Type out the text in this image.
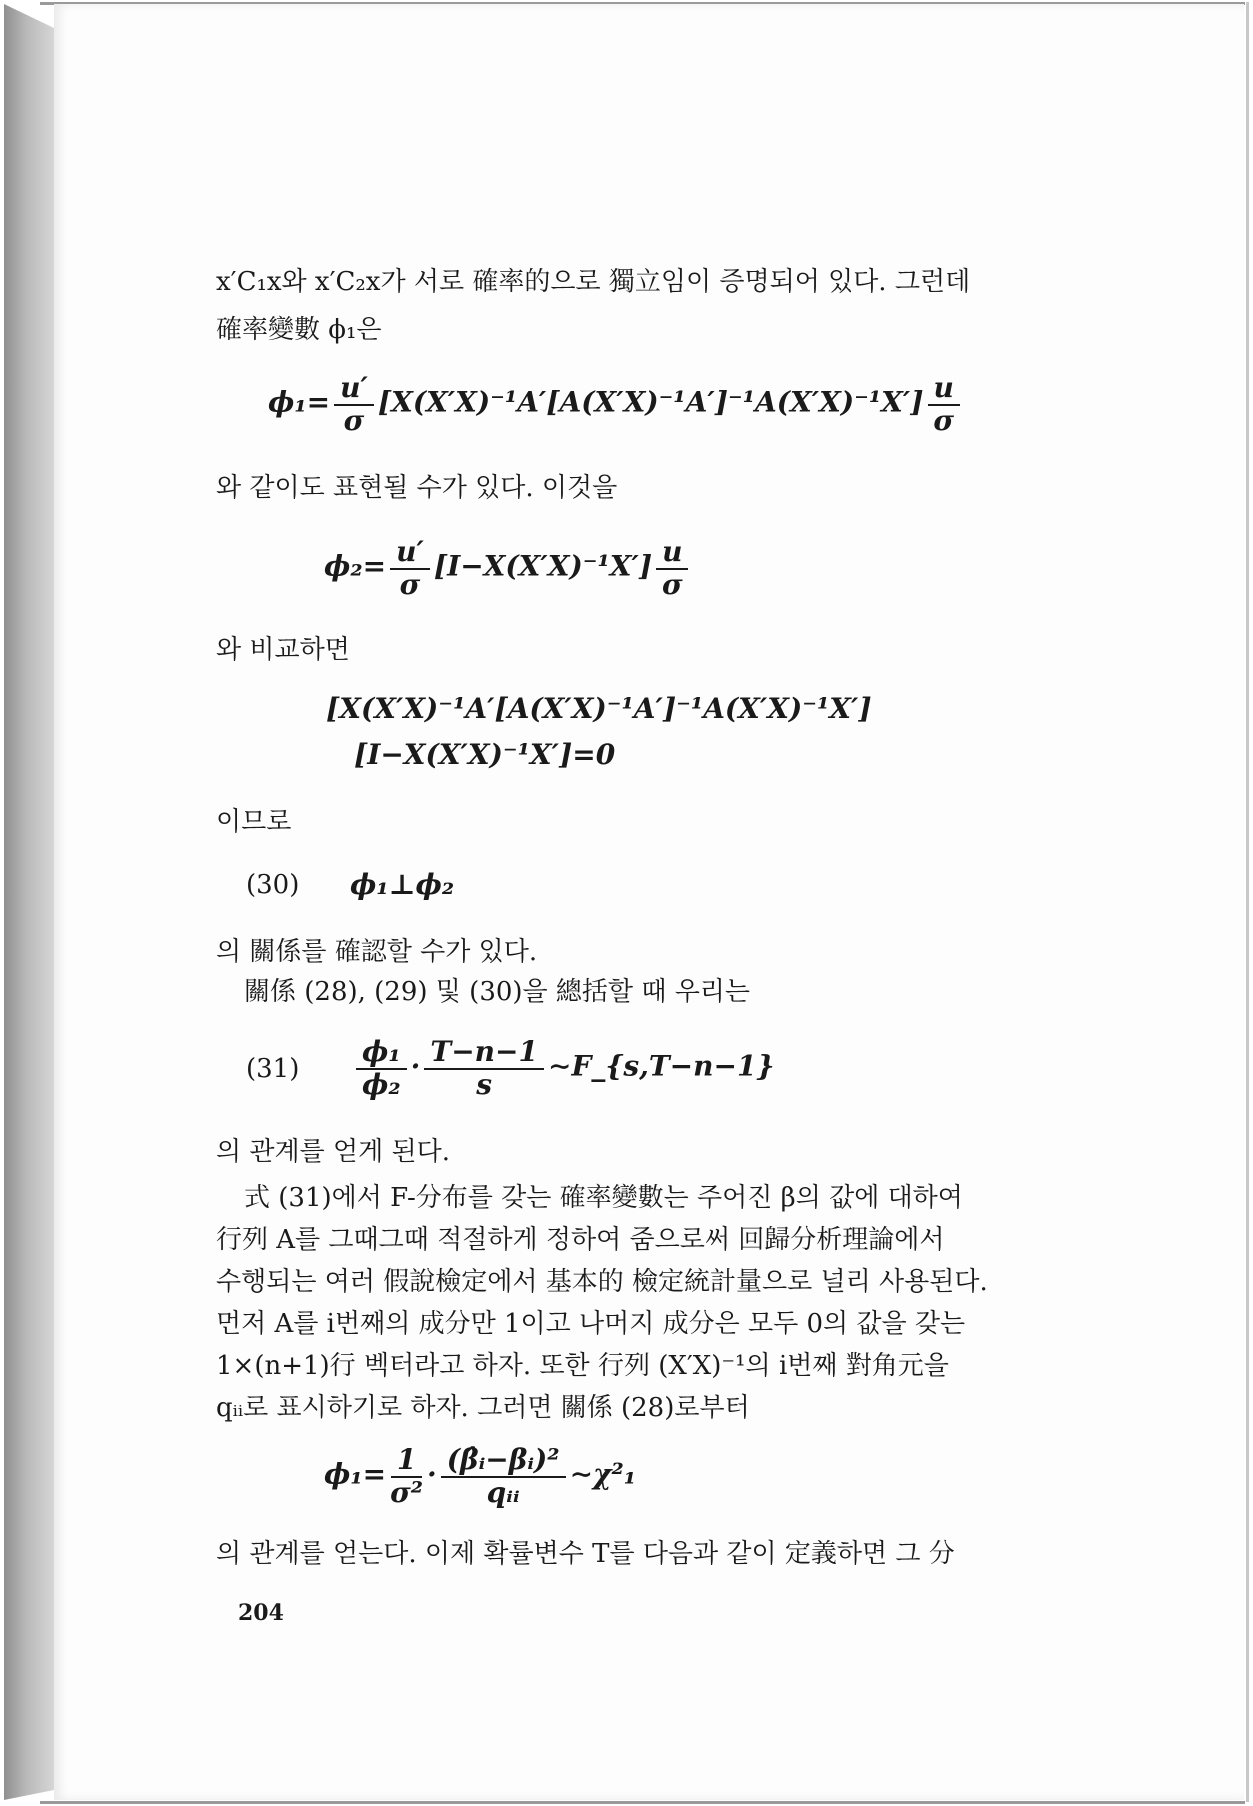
x′C₁x와 x′C₂x가 서로 確率的으로 獨立임이 증명되어 있다. 그런데
確率變數 ϕ₁은
$\phi_1= \frac{u'}{\sigma} [X(X'X)^{-1}A'[A(X'X)^{-1}A']^{-1}A(X'X)^{-1}X'] \frac{u}{\sigma}$
와 같이도 표현될 수가 있다. 이것을
$\phi_2= \frac{u'}{\sigma} [I-X(X'X)^{-1}X'] \frac{u}{\sigma}$
와 비교하면
[X(X′X)⁻¹A′[A(X′X)⁻¹A′]⁻¹A(X′X)⁻¹X′]
[I−X(X′X)⁻¹X′]=0
이므로
(30) ϕ₁⊥ϕ₂
의 關係를 確認할 수가 있다.
關係 (28), (29) 및 (30)을 總括할 때 우리는
$(31) \frac{\text{ϕ₁}}{\text{ϕ₂}} \cdot \frac{T-n-1}{s}$ ∼F_{s,T−n−1}
의 관계를 얻게 된다.
式 (31)에서 F-分布를 갖는 確率變數는 주어진 β의 값에 대하여
行列 A를 그때그때 적절하게 정하여 줌으로써 回歸分析理論에서
수행되는 여러 假說檢定에서 基本的 檢定統計量으로 널리 사용된다.
먼저 A를 i번째의 成分만 1이고 나머지 成分은 모두 0의 값을 갖는
1×(n+1)行 벡터라고 하자. 또한 行列 (X′X)⁻¹의 i번째 對角元을
qᵢᵢ로 표시하기로 하자. 그러면 關係 (28)로부터
$\phi_1= \frac{1}{\text{σ²}} \cdot \frac{\text{(β̂ᵢ−βᵢ)²}}{\text{qᵢᵢ}}$ ∼χ²₁
의 관계를 얻는다. 이제 확률변수 T를 다음과 같이 定義하면 그 分
204
